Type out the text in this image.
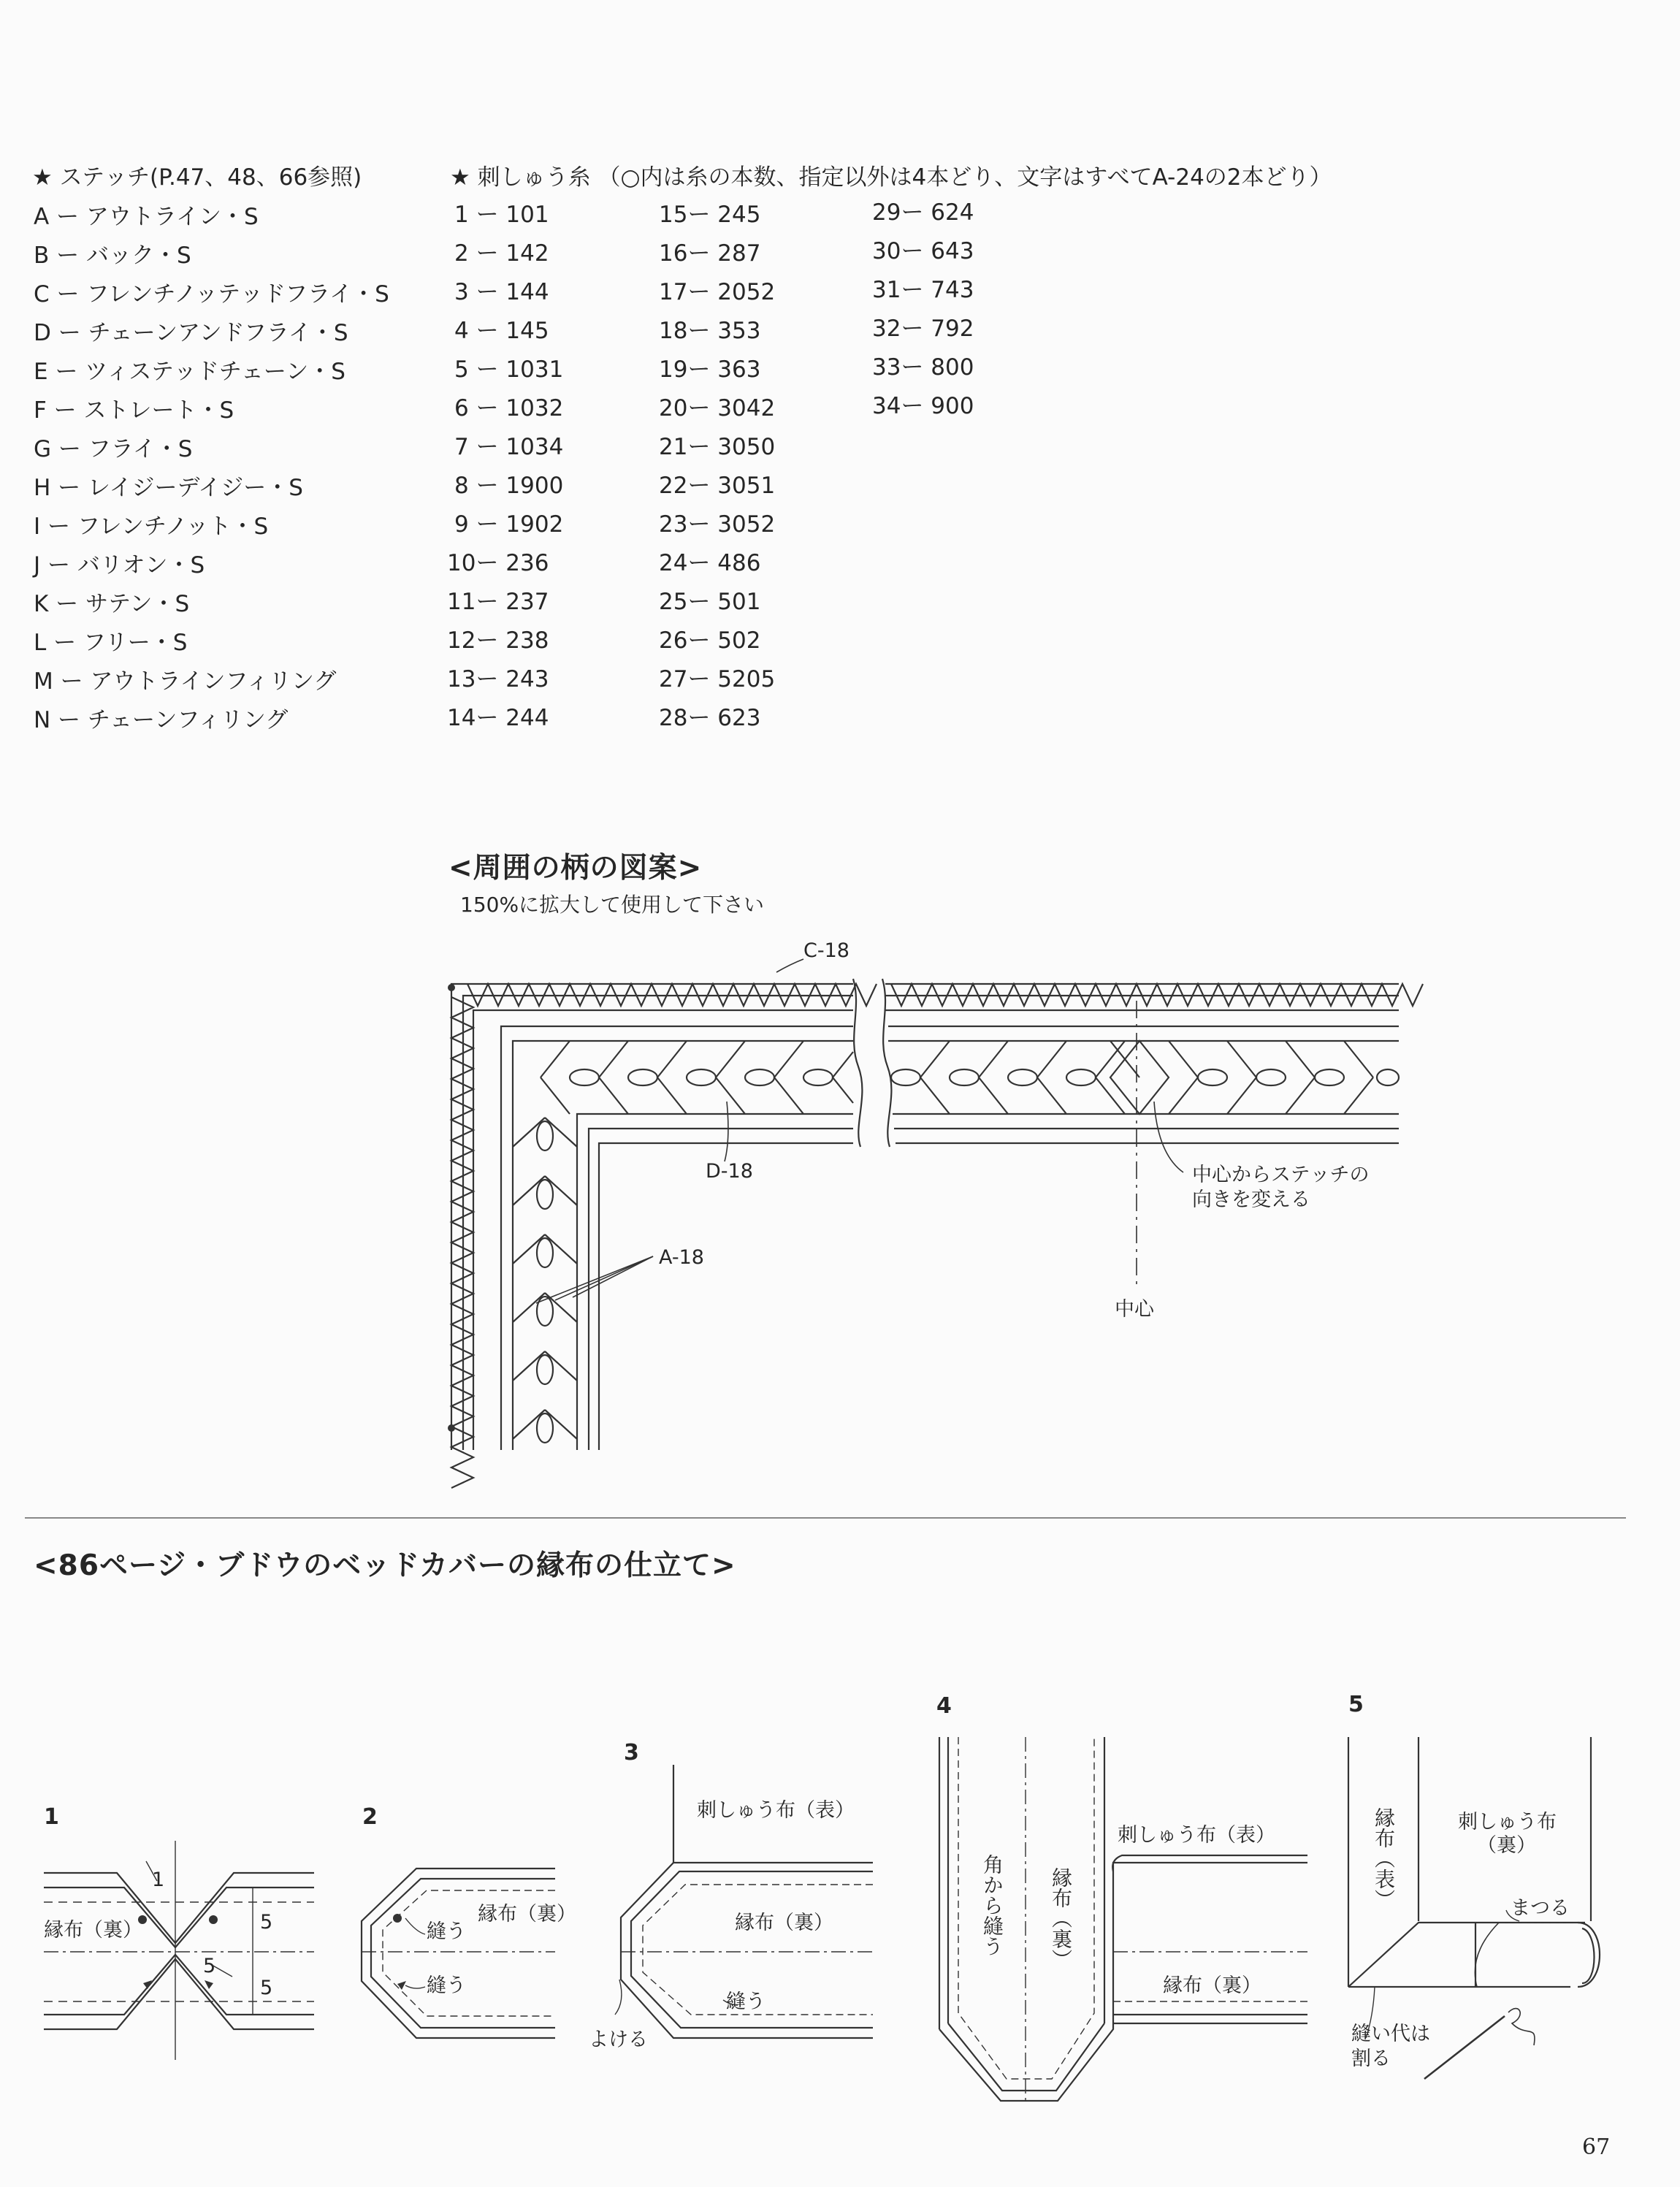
★ ステッチ(P.47、48、66参照)
A ー アウトライン・S
B ー バック・S
C ー フレンチノッテッドフライ・S
D ー チェーンアンドフライ・S
E ー ツィステッドチェーン・S
F ー ストレート・S
G ー フライ・S
H ー レイジーデイジー・S
I ー フレンチノット・S
J ー バリオン・S
K ー サテン・S
L ー フリー・S
M ー アウトラインフィリング
N ー チェーンフィリング
★ 刺しゅう糸 （○内は糸の本数、指定以外は4本どり、文字はすべてA-24の2本どり）
1 ー 101
2 ー 142
3 ー 144
4 ー 145
5 ー 1031
6 ー 1032
7 ー 1034
8 ー 1900
9 ー 1902
10ー 236
11ー 237
12ー 238
13ー 243
14ー 244
15ー 245
16ー 287
17ー 2052
18ー 353
19ー 363
20ー 3042
21ー 3050
22ー 3051
23ー 3052
24ー 486
25ー 501
26ー 502
27ー 5205
28ー 623
29ー 624
30ー 643
31ー 743
32ー 792
33ー 800
34ー 900
<周囲の柄の図案>
150%に拡大して使用して下さい
C-18
D-18
A-18
中心からステッチの
向きを変える
中心
<86ページ・ブドウのベッドカバーの縁布の仕立て>
1
縁布（裏）
1
5
5
5
2
縁布（裏）
縫う
縫う
3
刺しゅう布（表）
縁布（裏）
縫う
よける
4
角から縫う 縁布（裏）
刺しゅう布（表）
縁布（裏）
5
縁布（表）	刺しゅう布
（裏）
まつる
縫い代は
割る
67
